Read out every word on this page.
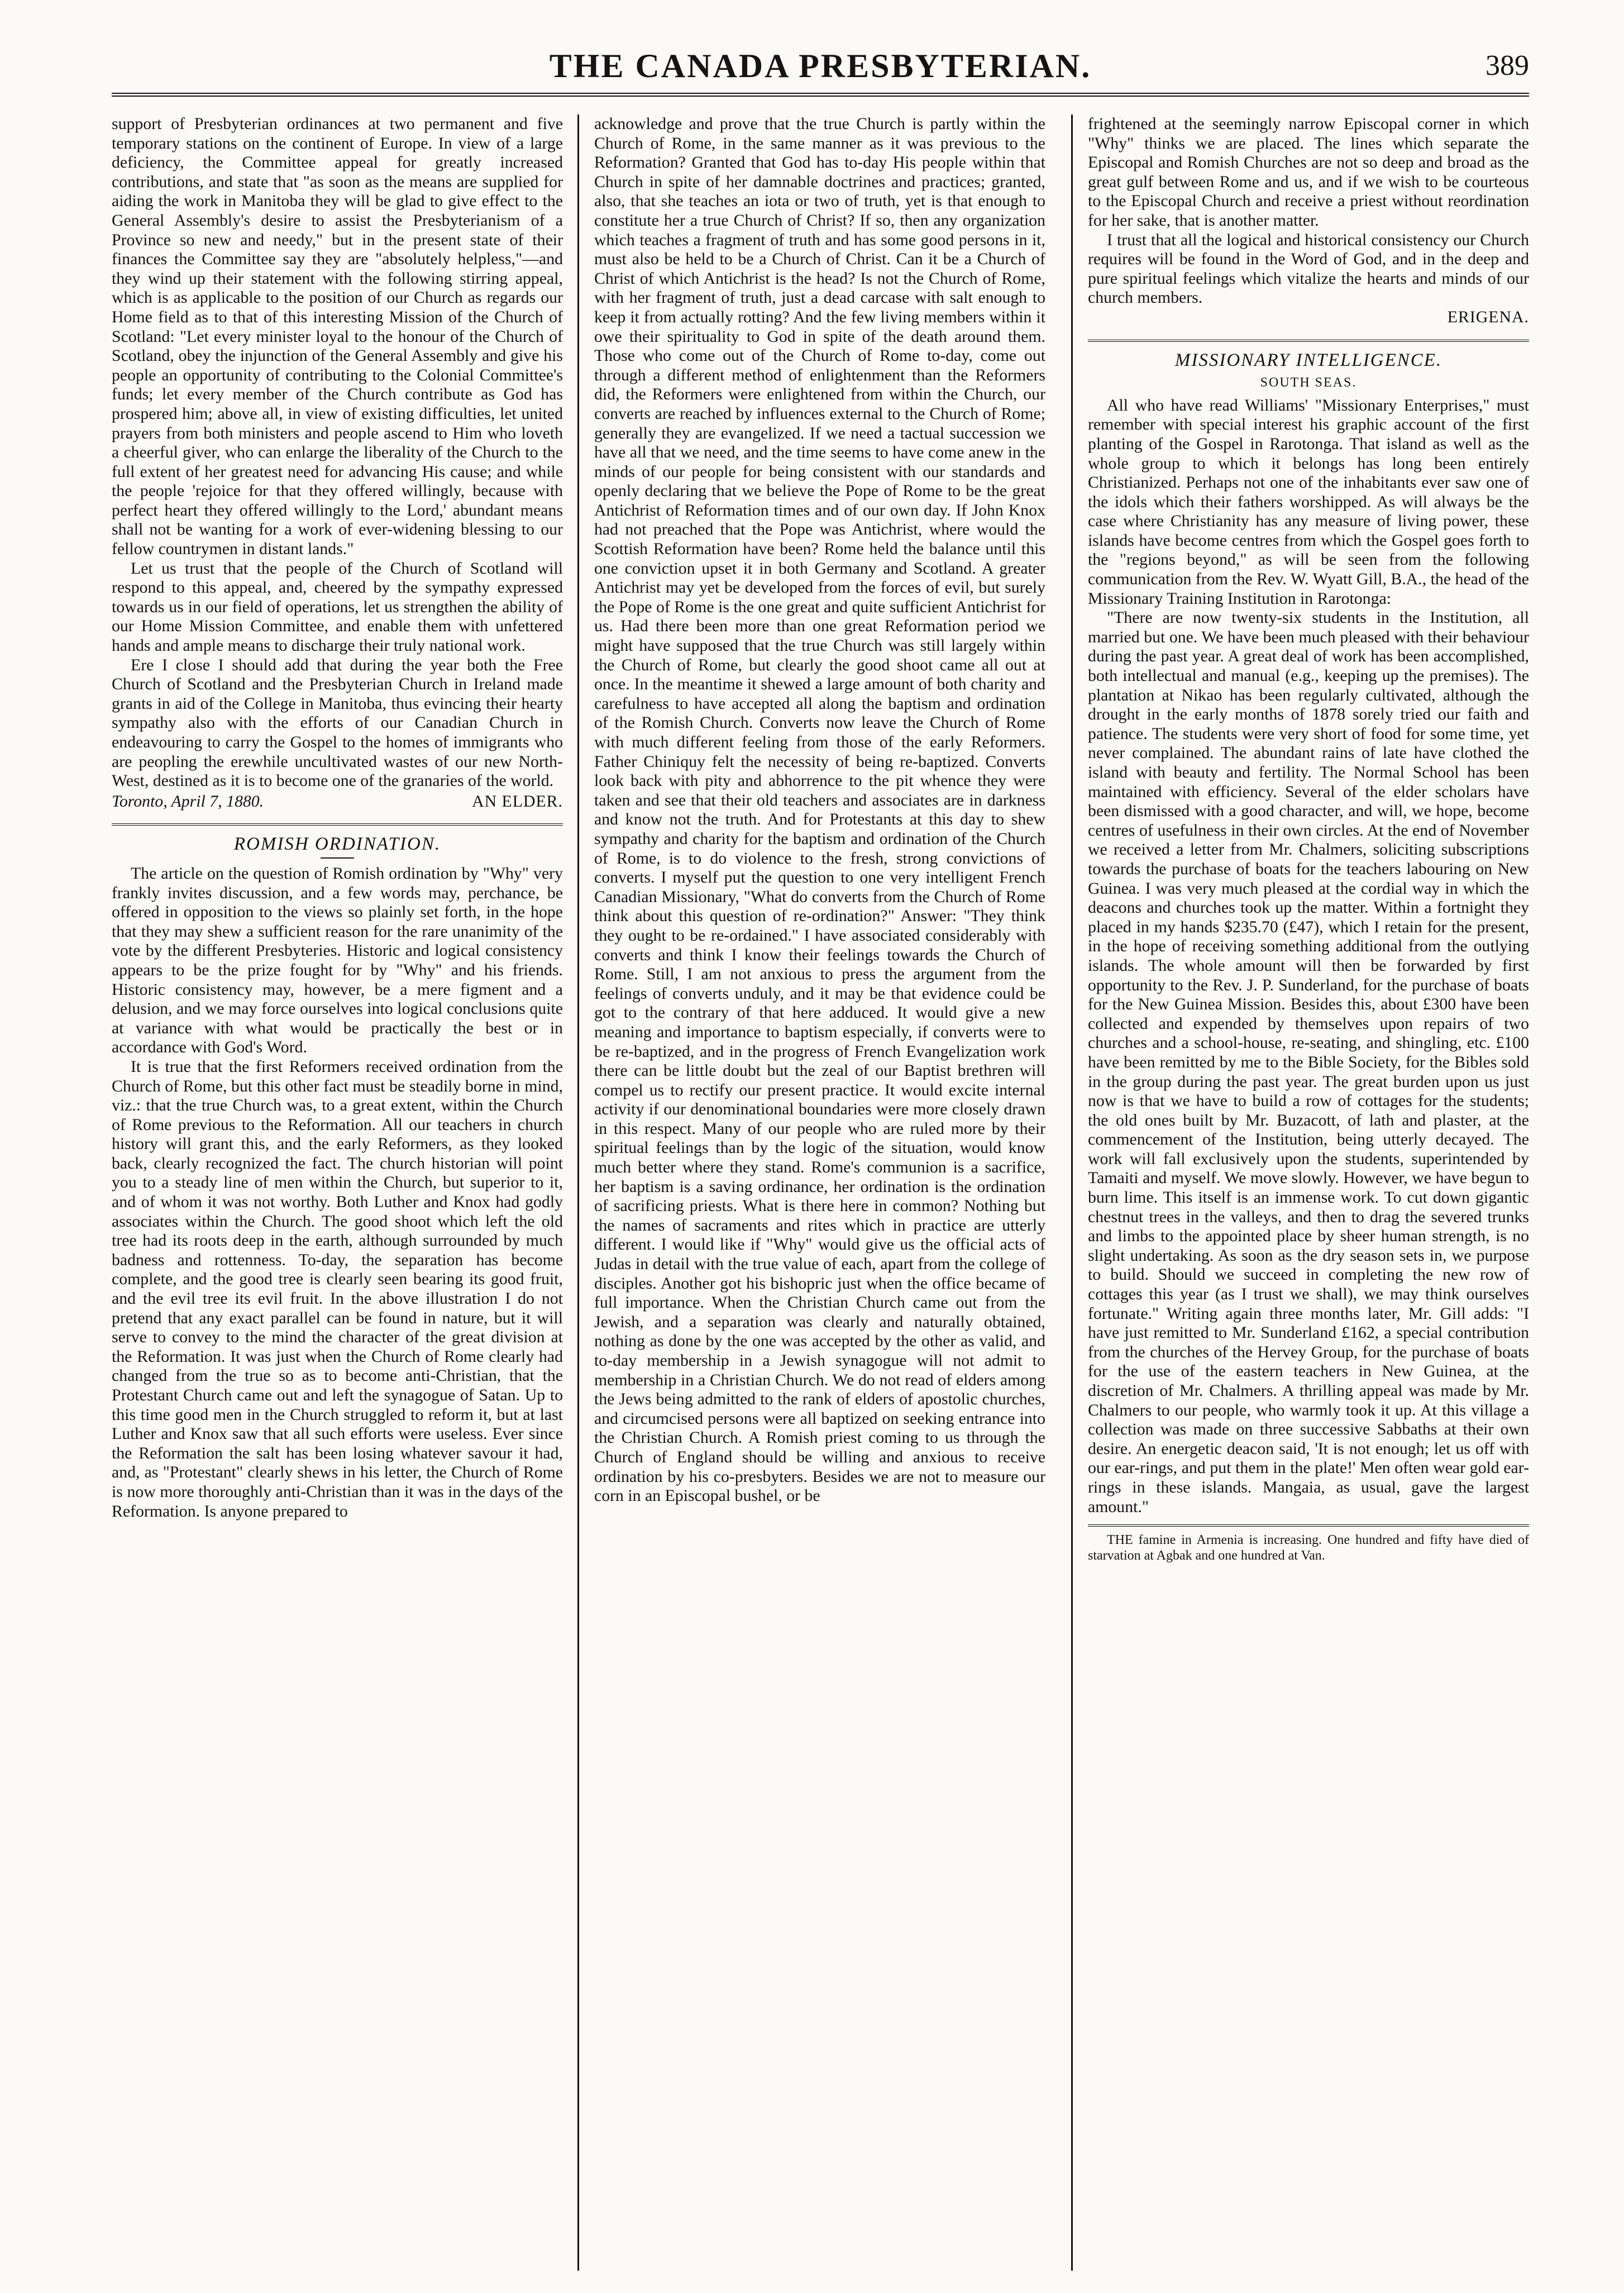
THE CANADA PRESBYTERIAN.	389

support of Presbyterian ordinances at two permanent and five temporary stations on the continent of Europe. In view of a large deficiency, the Committee appeal for greatly increased contributions, and state that "as soon as the means are supplied for aiding the work in Manitoba they will be glad to give effect to the General Assembly's desire to assist the Presbyterianism of a Province so new and needy," but in the present state of their finances the Committee say they are "absolutely helpless,"—and they wind up their statement with the following stirring appeal, which is as applicable to the position of our Church as regards our Home field as to that of this interesting Mission of the Church of Scotland: "Let every minister loyal to the honour of the Church of Scotland, obey the injunction of the General Assembly and give his people an opportunity of contributing to the Colonial Committee's funds; let every member of the Church contribute as God has prospered him; above all, in view of existing difficulties, let united prayers from both ministers and people ascend to Him who loveth a cheerful giver, who can enlarge the liberality of the Church to the full extent of her greatest need for advancing His cause; and while the people 'rejoice for that they offered willingly, because with perfect heart they offered willingly to the Lord,' abundant means shall not be wanting for a work of ever-widening blessing to our fellow countrymen in distant lands."

Let us trust that the people of the Church of Scotland will respond to this appeal, and, cheered by the sympathy expressed towards us in our field of operations, let us strengthen the ability of our Home Mission Committee, and enable them with unfettered hands and ample means to discharge their truly national work.

Ere I close I should add that during the year both the Free Church of Scotland and the Presbyterian Church in Ireland made grants in aid of the College in Manitoba, thus evincing their hearty sympathy also with the efforts of our Canadian Church in endeavouring to carry the Gospel to the homes of immigrants who are peopling the erewhile uncultivated wastes of our new North-West, destined as it is to become one of the granaries of the world.

Toronto, April 7, 1880.	AN ELDER.
ROMISH ORDINATION.

The article on the question of Romish ordination by "Why" very frankly invites discussion, and a few words may, perchance, be offered in opposition to the views so plainly set forth, in the hope that they may shew a sufficient reason for the rare unanimity of the vote by the different Presbyteries. Historic and logical consistency appears to be the prize fought for by "Why" and his friends. Historic consistency may, however, be a mere figment and a delusion, and we may force ourselves into logical conclusions quite at variance with what would be practically the best or in accordance with God's Word.

It is true that the first Reformers received ordination from the Church of Rome, but this other fact must be steadily borne in mind, viz.: that the true Church was, to a great extent, within the Church of Rome previous to the Reformation. All our teachers in church history will grant this, and the early Reformers, as they looked back, clearly recognized the fact. The church historian will point you to a steady line of men within the Church, but superior to it, and of whom it was not worthy. Both Luther and Knox had godly associates within the Church. The good shoot which left the old tree had its roots deep in the earth, although surrounded by much badness and rottenness. To-day, the separation has become complete, and the good tree is clearly seen bearing its good fruit, and the evil tree its evil fruit. In the above illustration I do not pretend that any exact parallel can be found in nature, but it will serve to convey to the mind the character of the great division at the Reformation. It was just when the Church of Rome clearly had changed from the true so as to become anti-Christian, that the Protestant Church came out and left the synagogue of Satan. Up to this time good men in the Church struggled to reform it, but at last Luther and Knox saw that all such efforts were useless. Ever since the Reformation the salt has been losing whatever savour it had, and, as "Protestant" clearly shews in his letter, the Church of Rome is now more thoroughly anti-Christian than it was in the days of the Reformation. Is anyone prepared to

acknowledge and prove that the true Church is partly within the Church of Rome, in the same manner as it was previous to the Reformation? Granted that God has to-day His people within that Church in spite of her damnable doctrines and practices; granted, also, that she teaches an iota or two of truth, yet is that enough to constitute her a true Church of Christ? If so, then any organization which teaches a fragment of truth and has some good persons in it, must also be held to be a Church of Christ. Can it be a Church of Christ of which Antichrist is the head? Is not the Church of Rome, with her fragment of truth, just a dead carcase with salt enough to keep it from actually rotting? And the few living members within it owe their spirituality to God in spite of the death around them. Those who come out of the Church of Rome to-day, come out through a different method of enlightenment than the Reformers did, the Reformers were enlightened from within the Church, our converts are reached by influences external to the Church of Rome; generally they are evangelized. If we need a tactual succession we have all that we need, and the time seems to have come anew in the minds of our people for being consistent with our standards and openly declaring that we believe the Pope of Rome to be the great Antichrist of Reformation times and of our own day. If John Knox had not preached that the Pope was Antichrist, where would the Scottish Reformation have been? Rome held the balance until this one conviction upset it in both Germany and Scotland. A greater Antichrist may yet be developed from the forces of evil, but surely the Pope of Rome is the one great and quite sufficient Antichrist for us. Had there been more than one great Reformation period we might have supposed that the true Church was still largely within the Church of Rome, but clearly the good shoot came all out at once. In the meantime it shewed a large amount of both charity and carefulness to have accepted all along the baptism and ordination of the Romish Church. Converts now leave the Church of Rome with much different feeling from those of the early Reformers. Father Chiniquy felt the necessity of being re-baptized. Converts look back with pity and abhorrence to the pit whence they were taken and see that their old teachers and associates are in darkness and know not the truth. And for Protestants at this day to shew sympathy and charity for the baptism and ordination of the Church of Rome, is to do violence to the fresh, strong convictions of converts. I myself put the question to one very intelligent French Canadian Missionary, "What do converts from the Church of Rome think about this question of re-ordination?" Answer: "They think they ought to be re-ordained." I have associated considerably with converts and think I know their feelings towards the Church of Rome. Still, I am not anxious to press the argument from the feelings of converts unduly, and it may be that evidence could be got to the contrary of that here adduced. It would give a new meaning and importance to baptism especially, if converts were to be re-baptized, and in the progress of French Evangelization work there can be little doubt but the zeal of our Baptist brethren will compel us to rectify our present practice. It would excite internal activity if our denominational boundaries were more closely drawn in this respect. Many of our people who are ruled more by their spiritual feelings than by the logic of the situation, would know much better where they stand. Rome's communion is a sacrifice, her baptism is a saving ordinance, her ordination is the ordination of sacrificing priests. What is there here in common? Nothing but the names of sacraments and rites which in practice are utterly different. I would like if "Why" would give us the official acts of Judas in detail with the true value of each, apart from the college of disciples. Another got his bishopric just when the office became of full importance. When the Christian Church came out from the Jewish, and a separation was clearly and naturally obtained, nothing as done by the one was accepted by the other as valid, and to-day membership in a Jewish synagogue will not admit to membership in a Christian Church. We do not read of elders among the Jews being admitted to the rank of elders of apostolic churches, and circumcised persons were all baptized on seeking entrance into the Christian Church. A Romish priest coming to us through the Church of England should be willing and anxious to receive ordination by his co-presbyters. Besides we are not to measure our corn in an Episcopal bushel, or be

frightened at the seemingly narrow Episcopal corner in which "Why" thinks we are placed. The lines which separate the Episcopal and Romish Churches are not so deep and broad as the great gulf between Rome and us, and if we wish to be courteous to the Episcopal Church and receive a priest without reordination for her sake, that is another matter.

I trust that all the logical and historical consistency our Church requires will be found in the Word of God, and in the deep and pure spiritual feelings which vitalize the hearts and minds of our church members.

ERIGENA.
MISSIONARY INTELLIGENCE.
SOUTH SEAS.

All who have read Williams' "Missionary Enterprises," must remember with special interest his graphic account of the first planting of the Gospel in Rarotonga. That island as well as the whole group to which it belongs has long been entirely Christianized. Perhaps not one of the inhabitants ever saw one of the idols which their fathers worshipped. As will always be the case where Christianity has any measure of living power, these islands have become centres from which the Gospel goes forth to the "regions beyond," as will be seen from the following communication from the Rev. W. Wyatt Gill, B.A., the head of the Missionary Training Institution in Rarotonga:

"There are now twenty-six students in the Institution, all married but one. We have been much pleased with their behaviour during the past year. A great deal of work has been accomplished, both intellectual and manual (e.g., keeping up the premises). The plantation at Nikao has been regularly cultivated, although the drought in the early months of 1878 sorely tried our faith and patience. The students were very short of food for some time, yet never complained. The abundant rains of late have clothed the island with beauty and fertility. The Normal School has been maintained with efficiency. Several of the elder scholars have been dismissed with a good character, and will, we hope, become centres of usefulness in their own circles. At the end of November we received a letter from Mr. Chalmers, soliciting subscriptions towards the purchase of boats for the teachers labouring on New Guinea. I was very much pleased at the cordial way in which the deacons and churches took up the matter. Within a fortnight they placed in my hands $235.70 (£47), which I retain for the present, in the hope of receiving something additional from the outlying islands. The whole amount will then be forwarded by first opportunity to the Rev. J. P. Sunderland, for the purchase of boats for the New Guinea Mission. Besides this, about £300 have been collected and expended by themselves upon repairs of two churches and a school-house, re-seating, and shingling, etc. £100 have been remitted by me to the Bible Society, for the Bibles sold in the group during the past year. The great burden upon us just now is that we have to build a row of cottages for the students; the old ones built by Mr. Buzacott, of lath and plaster, at the commencement of the Institution, being utterly decayed. The work will fall exclusively upon the students, superintended by Tamaiti and myself. We move slowly. However, we have begun to burn lime. This itself is an immense work. To cut down gigantic chestnut trees in the valleys, and then to drag the severed trunks and limbs to the appointed place by sheer human strength, is no slight undertaking. As soon as the dry season sets in, we purpose to build. Should we succeed in completing the new row of cottages this year (as I trust we shall), we may think ourselves fortunate." Writing again three months later, Mr. Gill adds: "I have just remitted to Mr. Sunderland £162, a special contribution from the churches of the Hervey Group, for the purchase of boats for the use of the eastern teachers in New Guinea, at the discretion of Mr. Chalmers. A thrilling appeal was made by Mr. Chalmers to our people, who warmly took it up. At this village a collection was made on three successive Sabbaths at their own desire. An energetic deacon said, 'It is not enough; let us off with our ear-rings, and put them in the plate!' Men often wear gold ear-rings in these islands. Mangaia, as usual, gave the largest amount."

THE famine in Armenia is increasing. One hundred and fifty have died of starvation at Agbak and one hundred at Van.
